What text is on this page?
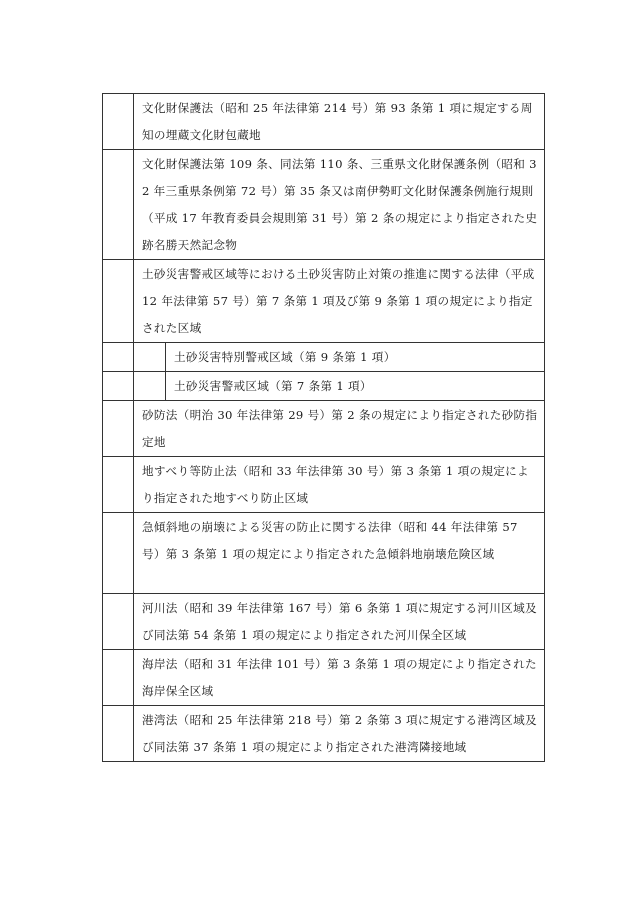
	文化財保護法（昭和 25 年法律第 214 号）第 93 条第 1 項に規定する周知の埋蔵文化財包蔵地	

	文化財保護法第 109 条、同法第 110 条、三重県文化財保護条例（昭和 32 年三重県条例第 72 号）第 35 条又は南伊勢町文化財保護条例施行規則（平成 17 年教育委員会規則第 31 号）第 2 条の規定により指定された史跡名勝天然記念物	

	土砂災害警戒区域等における土砂災害防止対策の推進に関する法律（平成 12 年法律第 57 号）第 7 条第 1 項及び第 9 条第 1 項の規定により指定された区域	

		土砂災害特別警戒区域（第 9 条第 1 項）

		土砂災害警戒区域（第 7 条第 1 項）

	砂防法（明治 30 年法律第 29 号）第 2 条の規定により指定された砂防指定地	

	地すべり等防止法（昭和 33 年法律第 30 号）第 3 条第 1 項の規定により指定された地すべり防止区域	

	急傾斜地の崩壊による災害の防止に関する法律（昭和 44 年法律第 57 号）第 3 条第 1 項の規定により指定された急傾斜地崩壊危険区域	

	河川法（昭和 39 年法律第 167 号）第 6 条第 1 項に規定する河川区域及び同法第 54 条第 1 項の規定により指定された河川保全区域	

	海岸法（昭和 31 年法律 101 号）第 3 条第 1 項の規定により指定された海岸保全区域	

	港湾法（昭和 25 年法律第 218 号）第 2 条第 3 項に規定する港湾区域及び同法第 37 条第 1 項の規定により指定された港湾隣接地域	
